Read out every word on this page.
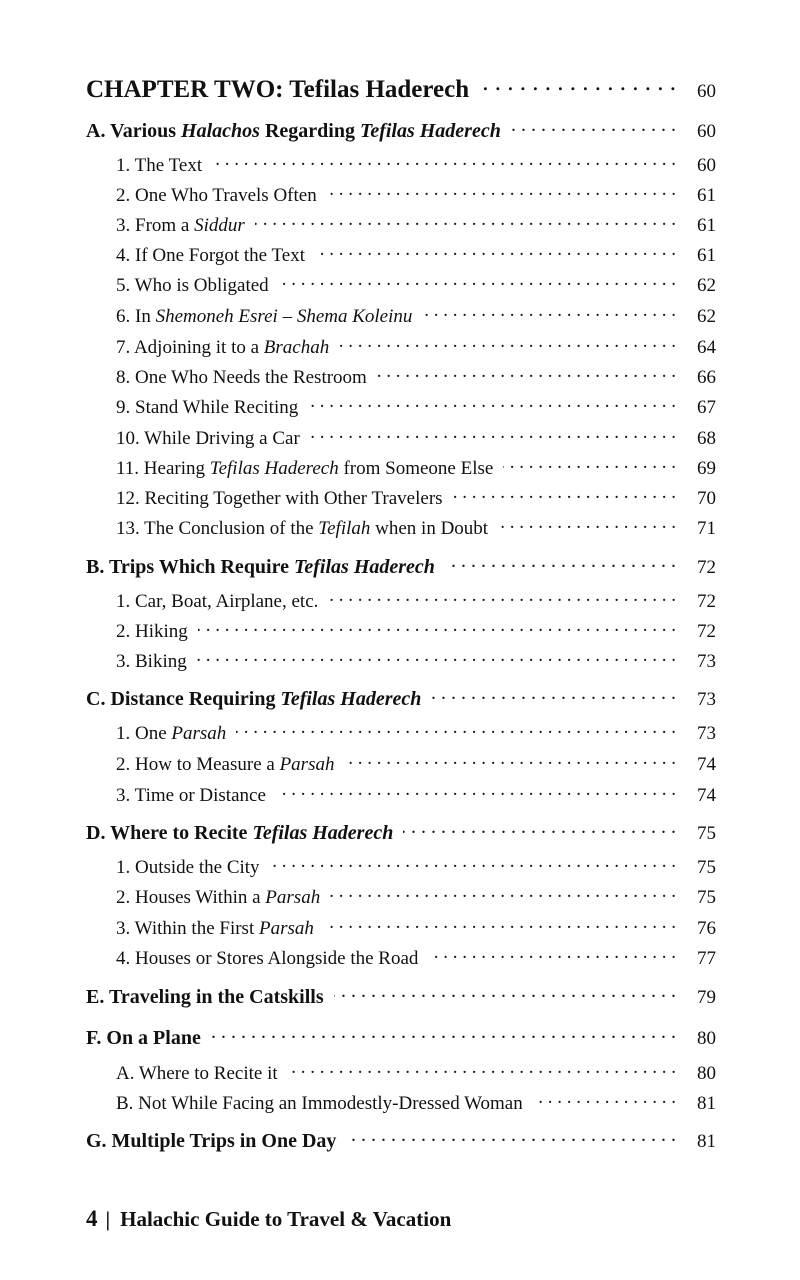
CHAPTER TWO: Tefilas Haderech . . .	60
A. Various Halachos Regarding Tefilas Haderech . . .	60
1. The Text . . .	60
2. One Who Travels Often . . .	61
3. From a Siddur . . .	61
4. If One Forgot the Text . . .	61
5. Who is Obligated . . .	62
6. In Shemoneh Esrei – Shema Koleinu . . .	62
7. Adjoining it to a Brachah . . .	64
8. One Who Needs the Restroom . . .	66
9. Stand While Reciting . . .	67
10. While Driving a Car . . .	68
11. Hearing Tefilas Haderech from Someone Else . . .	69
12. Reciting Together with Other Travelers . . .	70
13. The Conclusion of the Tefilah when in Doubt . . .	71
B. Trips Which Require Tefilas Haderech . . .	72
1. Car, Boat, Airplane, etc. . . .	72
2. Hiking . . .	72
3. Biking . . .	73
C. Distance Requiring Tefilas Haderech . . .	73
1. One Parsah . . .	73
2. How to Measure a Parsah . . .	74
3. Time or Distance . . .	74
D. Where to Recite Tefilas Haderech . . .	75
1. Outside the City . . .	75
2. Houses Within a Parsah . . .	75
3. Within the First Parsah . . .	76
4. Houses or Stores Alongside the Road . . .	77
E. Traveling in the Catskills . . .	79
F. On a Plane . . .	80
A. Where to Recite it . . .	80
B. Not While Facing an Immodestly-Dressed Woman . . .	81
G. Multiple Trips in One Day . . .	81
4 | Halachic Guide to Travel & Vacation
